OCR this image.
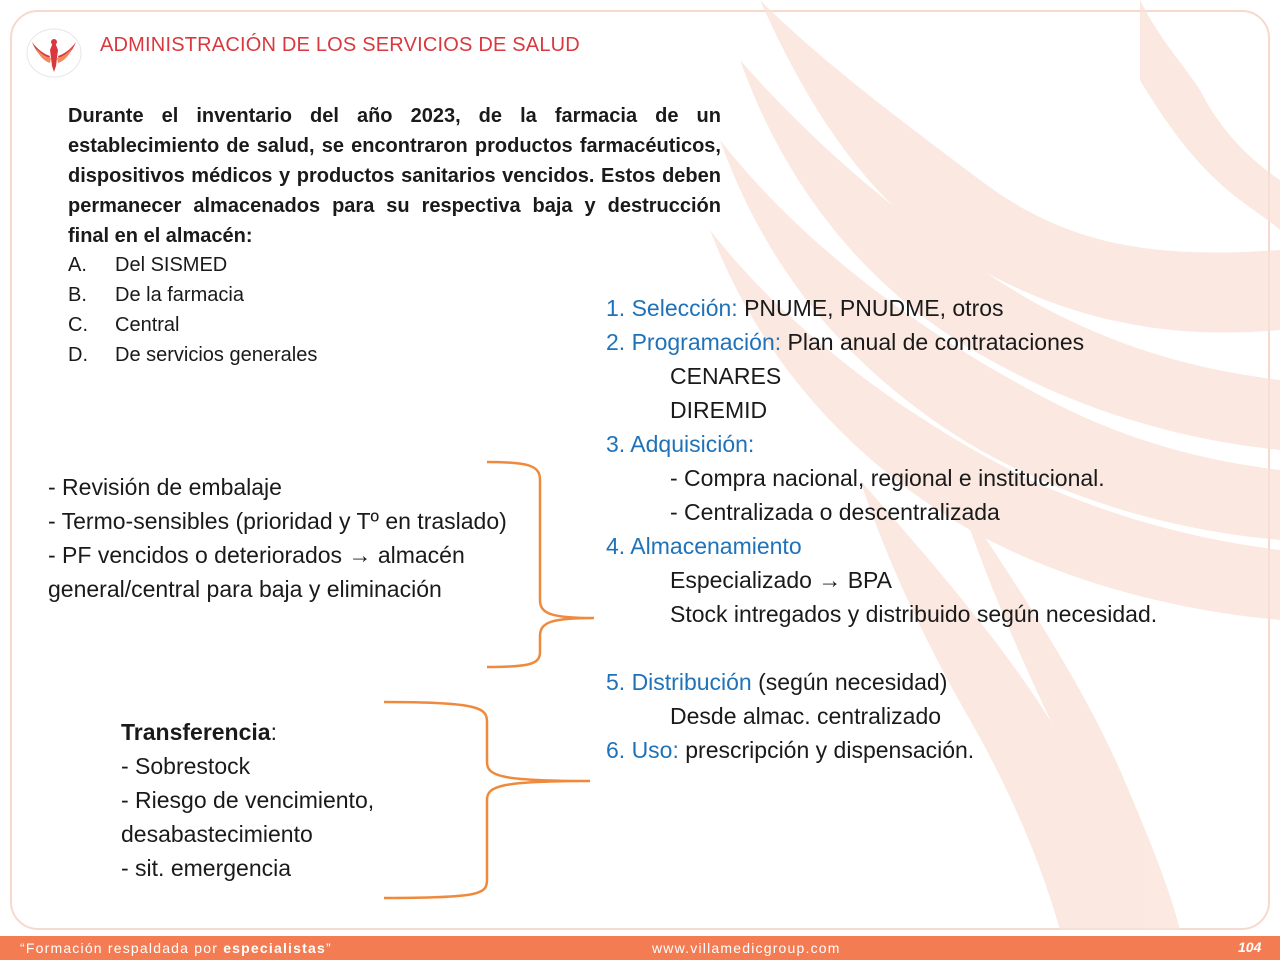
ADMINISTRACIÓN DE LOS SERVICIOS DE SALUD
Durante el inventario del año 2023, de la farmacia de un establecimiento de salud, se encontraron productos farmacéuticos, dispositivos médicos y productos sanitarios vencidos. Estos deben permanecer almacenados para su respectiva baja y destrucción final en el almacén:
A.	Del SISMED
B.	De la farmacia
C.	Central
D.	De servicios generales
- Revisión de embalaje
- Termo-sensibles (prioridad y Tº en traslado)
- PF vencidos o deteriorados → almacén general/central para baja y eliminación
Transferencia:
- Sobrestock
- Riesgo de vencimiento, desabastecimiento
- sit. emergencia
1. Selección: PNUME, PNUDME, otros
2. Programación: Plan anual de contrataciones
CENARES
DIREMID
3. Adquisición:
- Compra nacional, regional e institucional.
- Centralizada o descentralizada
4. Almacenamiento
Especializado → BPA
Stock intregados y distribuido según necesidad.
5. Distribución (según necesidad)
Desde almac. centralizado
6. Uso: prescripción y dispensación.
“Formación respaldada por especialistas”	www.villamedicgroup.com	104
